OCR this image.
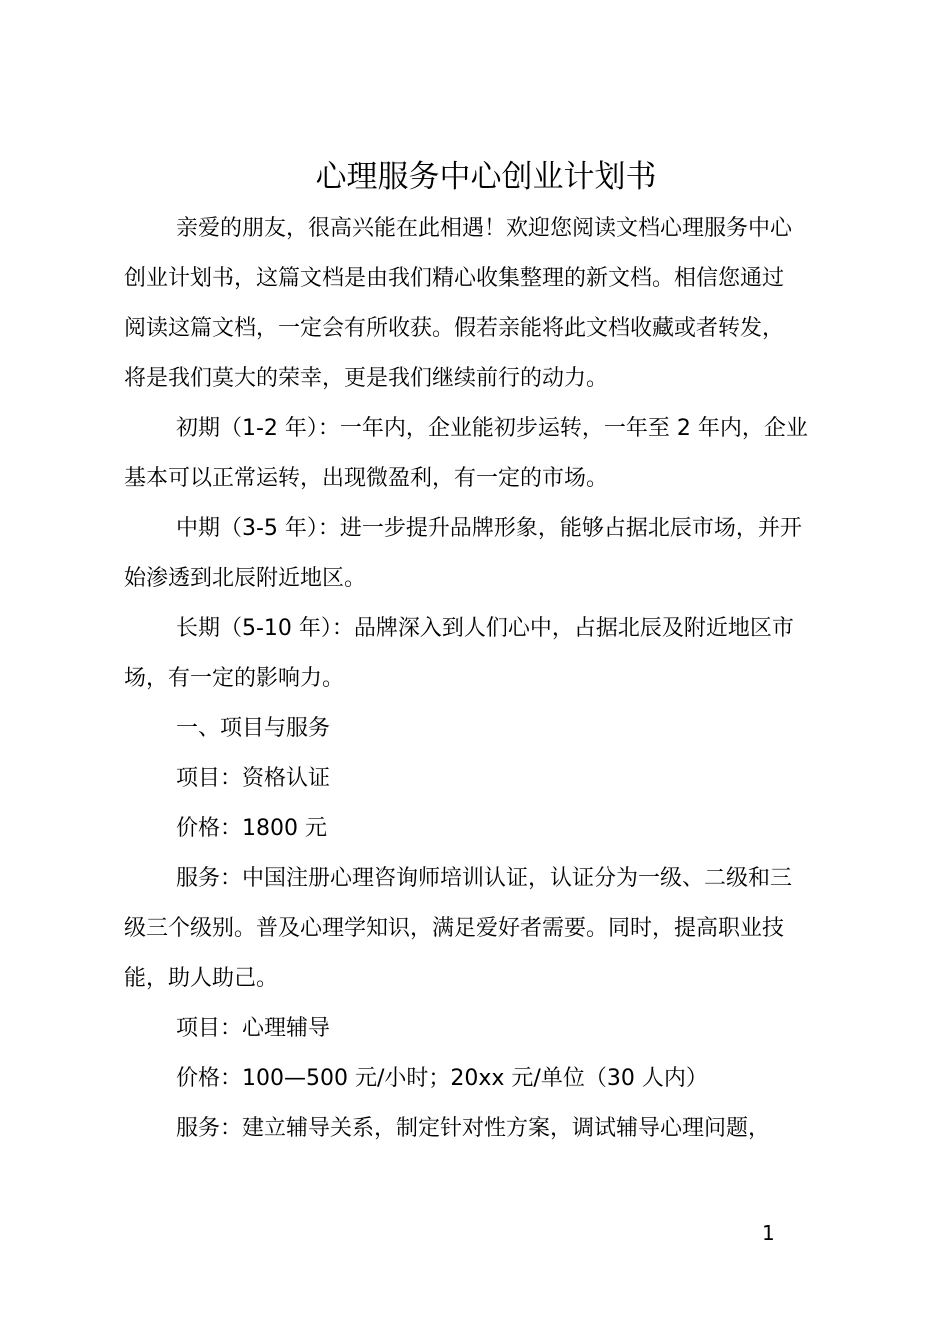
心理服务中心创业计划书

亲爱的朋友，很高兴能在此相遇！欢迎您阅读文档心理服务中心

创业计划书，这篇文档是由我们精心收集整理的新文档。相信您通过

阅读这篇文档，一定会有所收获。假若亲能将此文档收藏或者转发，

将是我们莫大的荣幸，更是我们继续前行的动力。

初期（1-2 年）：一年内，企业能初步运转，一年至 2 年内，企业

基本可以正常运转，出现微盈利，有一定的市场。

中期（3-5 年）：进一步提升品牌形象，能够占据北辰市场，并开

始渗透到北辰附近地区。

长期（5-10 年）：品牌深入到人们心中，占据北辰及附近地区市

场，有一定的影响力。

一、项目与服务

项目：资格认证

价格：1800 元

服务：中国注册心理咨询师培训认证，认证分为一级、二级和三

级三个级别。普及心理学知识，满足爱好者需要。同时，提高职业技

能，助人助己。

项目：心理辅导

价格：100—500 元/小时；20xx 元/单位（30 人内）

服务：建立辅导关系，制定针对性方案，调试辅导心理问题，

1
